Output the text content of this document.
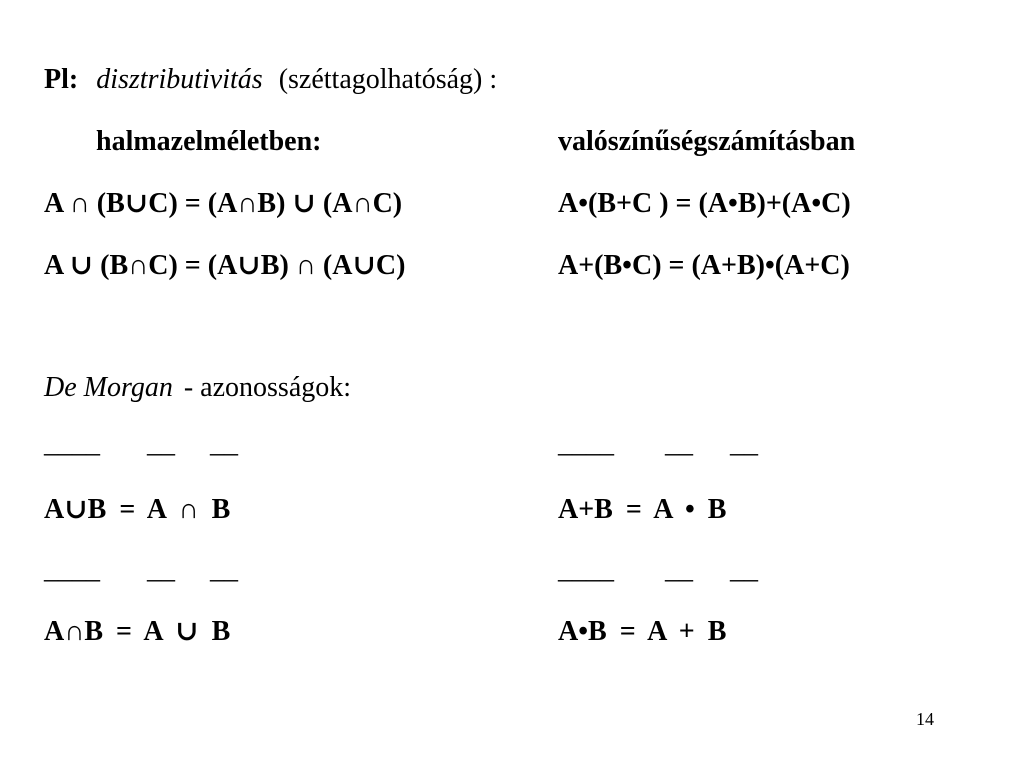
Pl: disztributivitás (széttagolhatóság) :
halmazelméletben:	valószínűségszámításban
A ∩ (B∪C) = (A∩B) ∪ (A∩C)	A•(B+C ) = (A•B)+(A•C)
A ∪ (B∩C) = (A∪B) ∩ (A∪C)	A+(B•C) = (A+B)•(A+C)
De Morgan - azonosságok:
____ __ __	____ __ __
A∪B = A ∩ B	A+B = A • B
____ __ __	____ __ __
A∩B = A ∪ B	A•B = A + B
14
